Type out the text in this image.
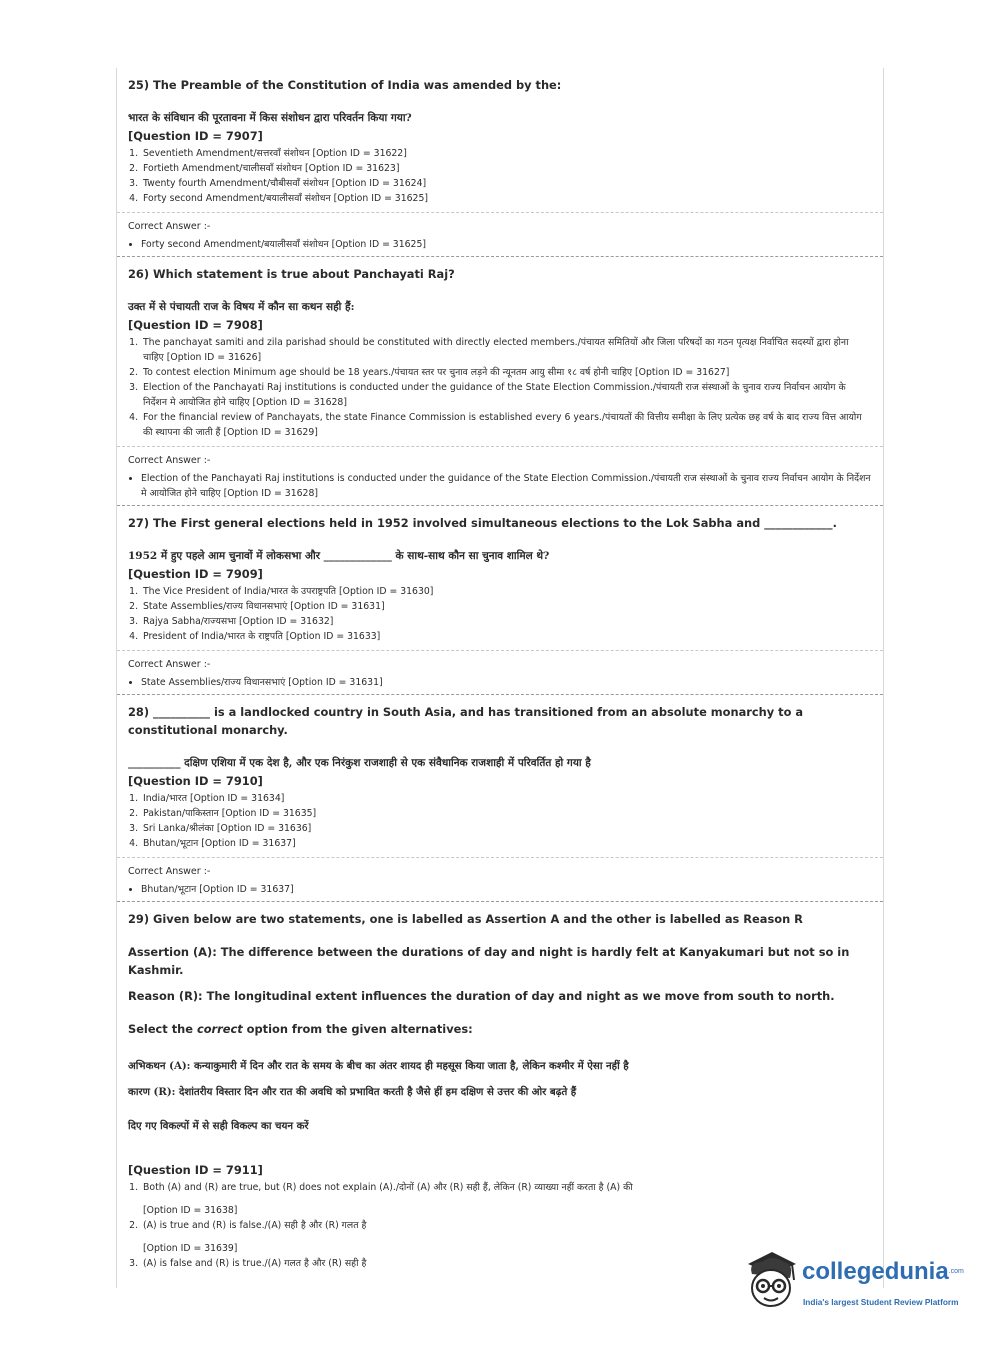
25) The Preamble of the Constitution of India was amended by the:
भारत के संविधान की पूरतावना में किस संशोधन द्वारा परिवर्तन किया गया?
[Question ID = 7907]
1. Seventieth Amendment/सत्तरवाँ संशोधन [Option ID = 31622]
2. Fortieth Amendment/चालीसवाँ संशोधन [Option ID = 31623]
3. Twenty fourth Amendment/चौबीसवाँ संशोधन [Option ID = 31624]
4. Forty second Amendment/बयालीसवाँ संशोधन [Option ID = 31625]
Correct Answer :-
• Forty second Amendment/बयालीसवाँ संशोधन [Option ID = 31625]
26) Which statement is true about Panchayati Raj?
उक्त में से पंचायती राज के विषय में कौन सा कथन सही हैं:
[Question ID = 7908]
1. The panchayat samiti and zila parishad should be constituted with directly elected members./पंचायत समितियों और जिला परिषदों का गठन पृत्यक्ष निर्वाचित सदस्यों द्वारा होना चाहिए [Option ID = 31626]
2. To contest election Minimum age should be 18 years./पंचायत स्तर पर चुनाव लड़ने की न्यूनतम आयु सीमा १८ वर्ष होनी चाहिए [Option ID = 31627]
3. Election of the Panchayati Raj institutions is conducted under the guidance of the State Election Commission./पंचायती राज संस्थाओं के चुनाव राज्य निर्वाचन आयोग के निर्देशन मे आयोजित होने चाहिए [Option ID = 31628]
4. For the financial review of Panchayats, the state Finance Commission is established every 6 years./पंचायतों की वित्तीय समीक्षा के लिए प्रत्येक छह वर्ष के बाद राज्य वित्त आयोग की स्थापना की जाती हैं [Option ID = 31629]
Correct Answer :-
• Election of the Panchayati Raj institutions is conducted under the guidance of the State Election Commission./पंचायती राज संस्थाओं के चुनाव राज्य निर्वाचन आयोग के निर्देशन मे आयोजित होने चाहिए [Option ID = 31628]
27) The First general elections held in 1952 involved simultaneous elections to the Lok Sabha and ____________.
1952 में हुए पहले आम चुनावों में लोकसभा और _____________ के साथ-साथ कौन सा चुनाव शामिल थे?
[Question ID = 7909]
1. The Vice President of India/भारत के उपराष्ट्रपति [Option ID = 31630]
2. State Assemblies/राज्य विधानसभाएं [Option ID = 31631]
3. Rajya Sabha/राज्यसभा [Option ID = 31632]
4. President of India/भारत के राष्ट्रपति [Option ID = 31633]
Correct Answer :-
• State Assemblies/राज्य विधानसभाएं [Option ID = 31631]
28) __________ is a landlocked country in South Asia, and has transitioned from an absolute monarchy to a constitutional monarchy.
__________ दक्षिण एशिया में एक देश है, और एक निरंकुश राजशाही से एक संवैधानिक राजशाही में परिवर्तित हो गया है
[Question ID = 7910]
1. India/भारत [Option ID = 31634]
2. Pakistan/पाकिस्तान [Option ID = 31635]
3. Sri Lanka/श्रीलंका [Option ID = 31636]
4. Bhutan/भूटान [Option ID = 31637]
Correct Answer :-
• Bhutan/भूटान [Option ID = 31637]
29) Given below are two statements, one is labelled as Assertion A and the other is labelled as Reason R
Assertion (A): The difference between the durations of day and night is hardly felt at Kanyakumari but not so in Kashmir.
Reason (R): The longitudinal extent influences the duration of day and night as we move from south to north.
Select the correct option from the given alternatives:
अभिकथन (A): कन्याकुमारी में दिन और रात के समय के बीच का अंतर शायद ही महसूस किया जाता है, लेकिन कश्मीर में ऐसा नहीं है
कारण (R): देशांतरीय विस्तार दिन और रात की अवधि को प्रभावित करती है जैसे हीं हम दक्षिण से उत्तर की ओर बढ़ते हैं
दिए गए विकल्पों में से सही विकल्प का चयन करें
[Question ID = 7911]
1. Both (A) and (R) are true, but (R) does not explain (A)./दोनों (A) और (R) सही हैं, लेकिन (R) व्याख्या नहीं करता है (A) की
[Option ID = 31638]
2. (A) is true and (R) is false./(A) सही है और (R) गलत है
[Option ID = 31639]
3. (A) is false and (R) is true./(A) गलत है और (R) सही है	collegedunia$^{.com}$
India's largest Student Review Platform
